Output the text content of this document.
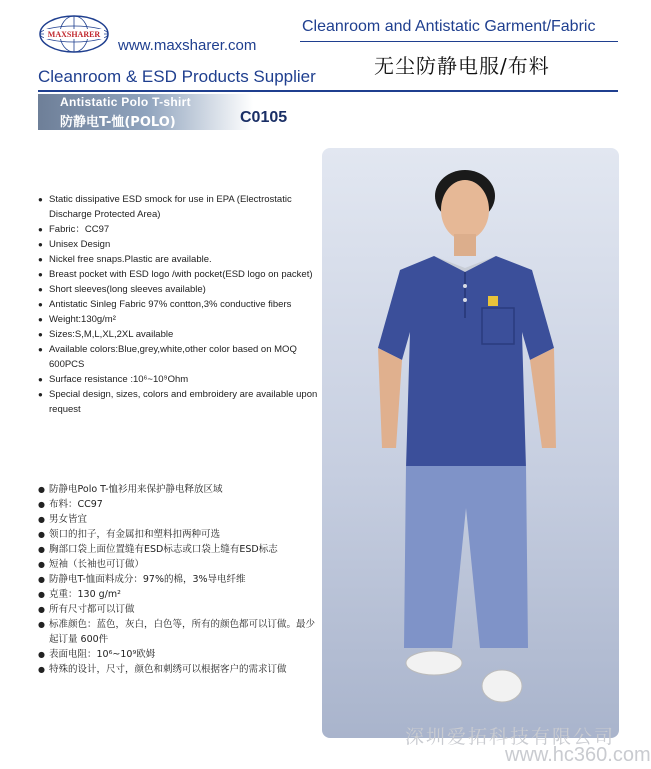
MAXSHARER
www.maxsharer.com
Cleanroom and Antistatic Garment/Fabric
无尘防静电服/布料
Cleanroom & ESD Products Supplier
Antistatic Polo T-shirt
防静电T-恤(POLO)	C0105
● Static dissipative ESD smock for use in EPA (Electrostatic Discharge Protected Area)
● Fabric：CC97
● Unisex Design
● Nickel free snaps.Plastic are available.
● Breast pocket with ESD logo /with pocket(ESD logo on packet)
● Short sleeves(long sleeves available)
● Antistatic Sinleg Fabric 97% contton,3% conductive fibers
● Weight:130g/m²
● Sizes:S,M,L,XL,2XL available
● Available colors:Blue,grey,white,other color based on MOQ 600PCS
● Surface resistance :10⁶~10⁹Ohm
● Special design, sizes, colors and embroidery are available upon request
● 防静电Polo T-恤衫用来保护静电释放区域
● 布料：CC97
● 男女皆宜
● 领口的扣子，有金属扣和塑料扣两种可选
● 胸部口袋上面位置缝有ESD标志或口袋上缝有ESD标志
● 短袖（长袖也可订做）
● 防静电T-恤面料成分：97%的棉，3%导电纤维
● 克重：130 g/m²
● 所有尺寸都可以订做
● 标准颜色：蓝色，灰白，白色等，所有的颜色都可以订做。最少起订量 600件
● 表面电阻：10⁶~10⁹欧姆
● 特殊的设计，尺寸，颜色和刺绣可以根据客户的需求订做
深圳爱拓科技有限公司
www.hc360.com
